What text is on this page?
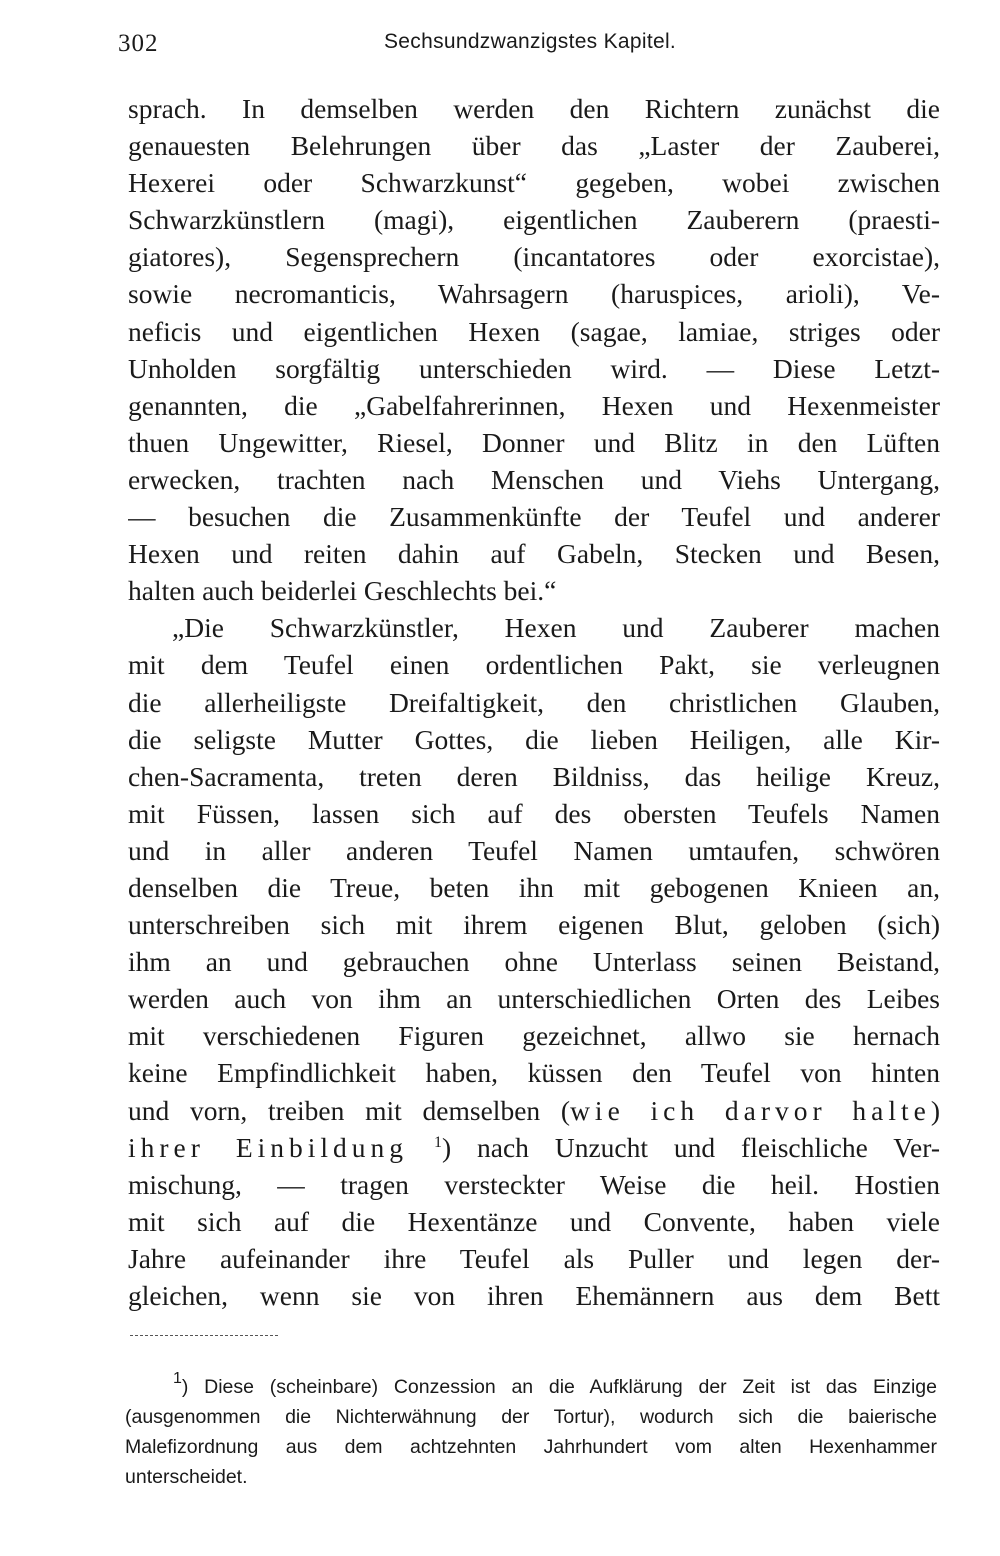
302	Sechsundzwanzigstes Kapitel.
sprach. In demselben werden den Richtern zunächst die
genauesten Belehrungen über das „Laster der Zauberei,
Hexerei oder Schwarzkunst“ gegeben, wobei zwischen
Schwarzkünstlern (magi), eigentlichen Zauberern (praesti-
giatores), Segensprechern (incantatores oder exorcistae),
sowie necromanticis, Wahrsagern (haruspices, arioli), Ve-
neficis und eigentlichen Hexen (sagae, lamiae, striges oder
Unholden sorgfältig unterschieden wird. — Diese Letzt-
genannten, die „Gabelfahrerinnen, Hexen und Hexenmeister
thuen Ungewitter, Riesel, Donner und Blitz in den Lüften
erwecken, trachten nach Menschen und Viehs Untergang,
— besuchen die Zusammenkünfte der Teufel und anderer
Hexen und reiten dahin auf Gabeln, Stecken und Besen,
halten auch beiderlei Geschlechts bei.“
„Die Schwarzkünstler, Hexen und Zauberer machen
mit dem Teufel einen ordentlichen Pakt, sie verleugnen
die allerheiligste Dreifaltigkeit, den christlichen Glauben,
die seligste Mutter Gottes, die lieben Heiligen, alle Kir-
chen-Sacramenta, treten deren Bildniss, das heilige Kreuz,
mit Füssen, lassen sich auf des obersten Teufels Namen
und in aller anderen Teufel Namen umtaufen, schwören
denselben die Treue, beten ihn mit gebogenen Knieen an,
unterschreiben sich mit ihrem eigenen Blut, geloben (sich)
ihm an und gebrauchen ohne Unterlass seinen Beistand,
werden auch von ihm an unterschiedlichen Orten des Leibes
mit verschiedenen Figuren gezeichnet, allwo sie hernach
keine Empfindlichkeit haben, küssen den Teufel von hinten
und vorn, treiben mit demselben (wie ich darvor halte)
ihrer Einbildung $^1$) nach Unzucht und fleischliche Ver-
mischung, — tragen versteckter Weise die heil. Hostien
mit sich auf die Hexentänze und Convente, haben viele
Jahre aufeinander ihre Teufel als Puller und legen der-
gleichen, wenn sie von ihren Ehemännern aus dem Bett
$^1$) Diese (scheinbare) Conzession an die Aufklärung der Zeit ist das Einzige
(ausgenommen die Nichterwähnung der Tortur), wodurch sich die baierische
Malefizordnung aus dem achtzehnten Jahrhundert vom alten Hexenhammer
unterscheidet.
